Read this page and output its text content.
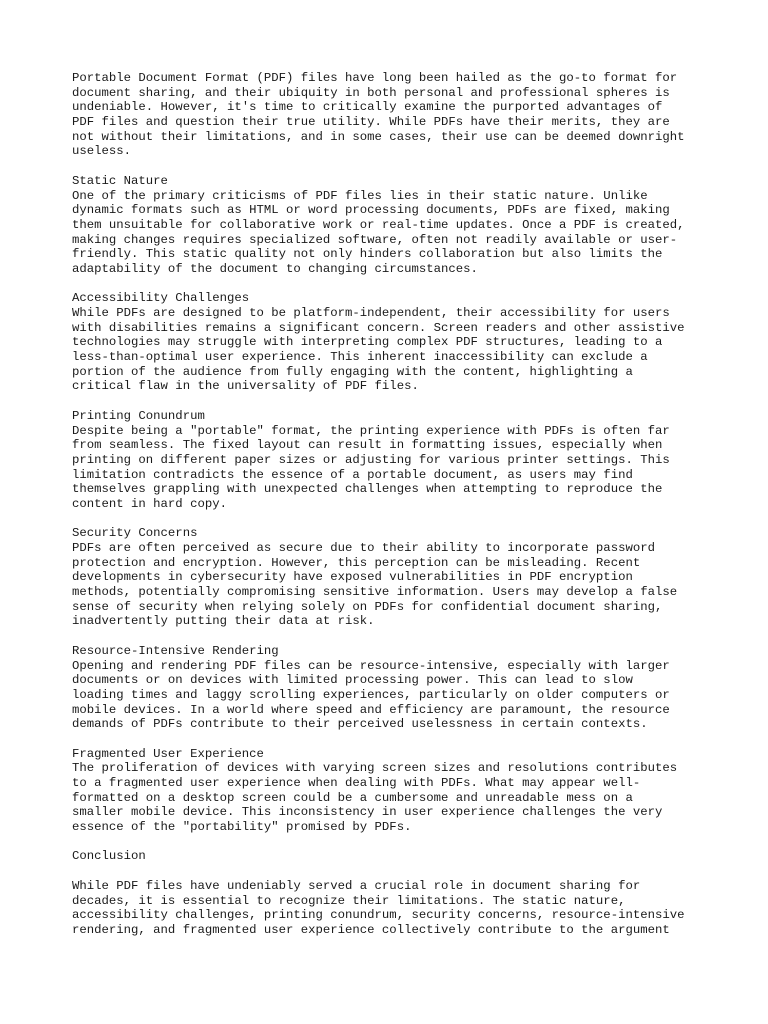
Portable Document Format (PDF) files have long been hailed as the go-to format for
document sharing, and their ubiquity in both personal and professional spheres is
undeniable. However, it's time to critically examine the purported advantages of
PDF files and question their true utility. While PDFs have their merits, they are
not without their limitations, and in some cases, their use can be deemed downright
useless.
Static Nature
One of the primary criticisms of PDF files lies in their static nature. Unlike
dynamic formats such as HTML or word processing documents, PDFs are fixed, making
them unsuitable for collaborative work or real-time updates. Once a PDF is created,
making changes requires specialized software, often not readily available or user-
friendly. This static quality not only hinders collaboration but also limits the
adaptability of the document to changing circumstances.
Accessibility Challenges
While PDFs are designed to be platform-independent, their accessibility for users
with disabilities remains a significant concern. Screen readers and other assistive
technologies may struggle with interpreting complex PDF structures, leading to a
less-than-optimal user experience. This inherent inaccessibility can exclude a
portion of the audience from fully engaging with the content, highlighting a
critical flaw in the universality of PDF files.
Printing Conundrum
Despite being a "portable" format, the printing experience with PDFs is often far
from seamless. The fixed layout can result in formatting issues, especially when
printing on different paper sizes or adjusting for various printer settings. This
limitation contradicts the essence of a portable document, as users may find
themselves grappling with unexpected challenges when attempting to reproduce the
content in hard copy.
Security Concerns
PDFs are often perceived as secure due to their ability to incorporate password
protection and encryption. However, this perception can be misleading. Recent
developments in cybersecurity have exposed vulnerabilities in PDF encryption
methods, potentially compromising sensitive information. Users may develop a false
sense of security when relying solely on PDFs for confidential document sharing,
inadvertently putting their data at risk.
Resource-Intensive Rendering
Opening and rendering PDF files can be resource-intensive, especially with larger
documents or on devices with limited processing power. This can lead to slow
loading times and laggy scrolling experiences, particularly on older computers or
mobile devices. In a world where speed and efficiency are paramount, the resource
demands of PDFs contribute to their perceived uselessness in certain contexts.
Fragmented User Experience
The proliferation of devices with varying screen sizes and resolutions contributes
to a fragmented user experience when dealing with PDFs. What may appear well-
formatted on a desktop screen could be a cumbersome and unreadable mess on a
smaller mobile device. This inconsistency in user experience challenges the very
essence of the "portability" promised by PDFs.
Conclusion
While PDF files have undeniably served a crucial role in document sharing for
decades, it is essential to recognize their limitations. The static nature,
accessibility challenges, printing conundrum, security concerns, resource-intensive
rendering, and fragmented user experience collectively contribute to the argument
